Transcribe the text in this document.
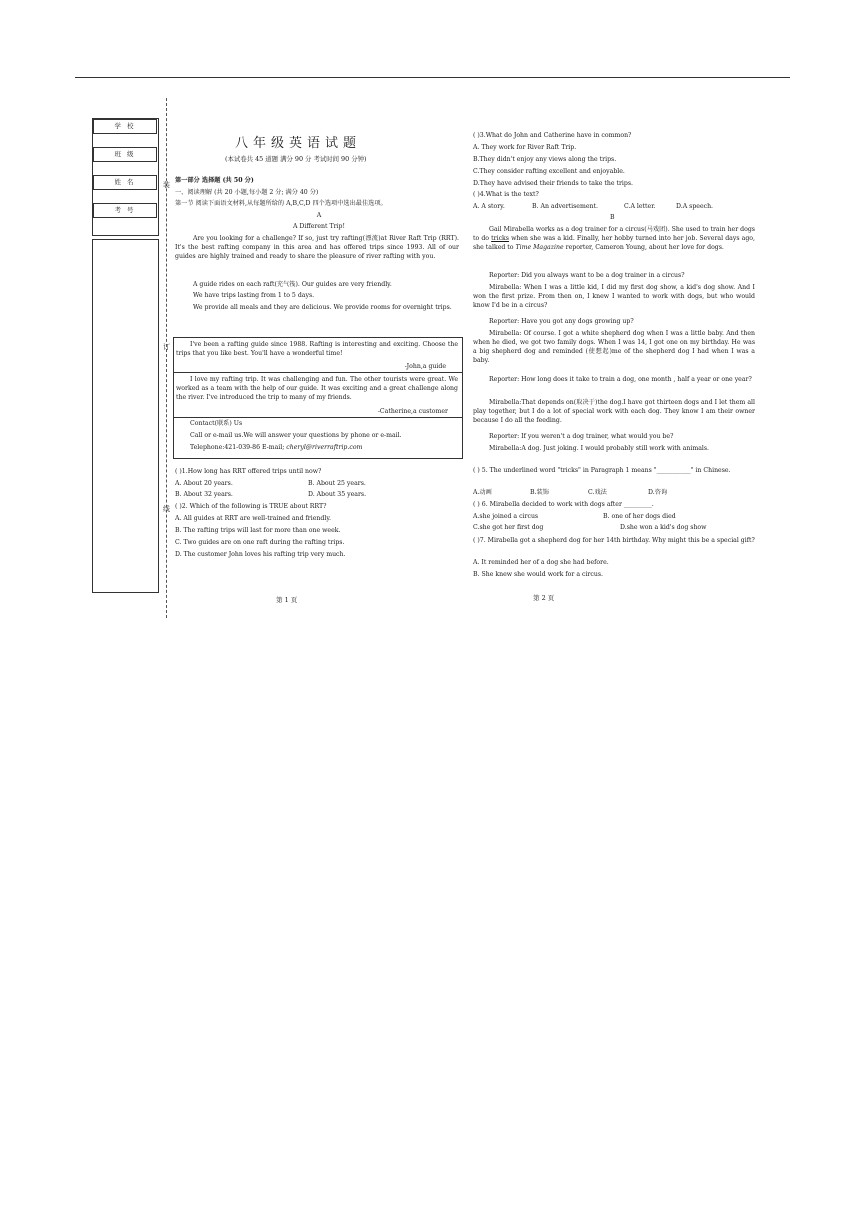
学 校
班 级
姓 名
考 号
装
订
线
八年级英语试题
(本试卷共 45 道题 满分 90 分 考试时间 90 分钟)
第一部分 选择题 (共 50 分)
一、阅读理解 (共 20 小题,每小题 2 分; 满分 40 分)
第一节 阅读下面语文材料,从每题所给的 A,B,C,D 四个选项中选出最佳选项。
A
A Different Trip!
Are you looking for a challenge? If so, just try rafting(漂流)at River Raft Trip (RRT). It's the best rafting company in this area and has offered trips since 1993. All of our guides are highly trained and ready to share the pleasure of river rafting with you.
A guide rides on each raft(充气筏). Our guides are very friendly.
We have trips lasting from 1 to 5 days.
We provide all meals and they are delicious. We provide rooms for overnight trips.
I've been a rafting guide since 1988. Rafting is interesting and exciting. Choose the trips that you like best. You'll have a wonderful time!
-John,a guide
I love my rafting trip. It was challenging and fun. The other tourists were great. We worked as a team with the help of our guide. It was exciting and a great challenge along the river. I've introduced the trip to many of my friends.
-Catherine,a customer
Contact(联系) Us
Call or e-mail us.We will answer your questions by phone or e-mail.
Telephone:421-039-86 E-mail; cheryl@riverraftrip.com
( )1.How long has RRT offered trips until now?
A. About 20 years.	B. About 25 years.
B. About 32 years.	D. About 35 years.
( )2. Which of the following is TRUE about RRT?
A. All guides at RRT are well-trained and friendly.
B. The rafting trips will last for more than one week.
C. Two guides are on one raft during the rafting trips.
D. The customer John loves his rafting trip very much.
第 1 页
( )3.What do John and Catherine have in common?
A. They work for River Raft Trip.
B.They didn't enjoy any views along the trips.
C.They consider rafting excellent and enjoyable.
D.They have advised their friends to take the trips.
( )4.What is the text?
A. A story.	B. An advertisement.	C.A letter.	D.A speech.
B
Gail Mirabella works as a dog trainer for a circus(马戏团). She used to train her dogs to do tricks when she was a kid. Finally, her hobby turned into her job. Several days ago, she talked to Time Magazine reporter, Cameron Young, about her love for dogs.
Reporter: Did you always want to be a dog trainer in a circus?
Mirabella: When I was a little kid, I did my first dog show, a kid's dog show. And I won the first prize. From then on, I knew I wanted to work with dogs, but who would know I'd be in a circus?
Reporter: Have you got any dogs growing up?
Mirabella: Of course. I got a white shepherd dog when I was a little baby. And then when he died, we got two family dogs. When I was 14, I got one on my birthday. He was a big shepherd dog and reminded (使想起)me of the shepherd dog I had when I was a baby.
Reporter: How long does it take to train a dog, one month , half a year or one year?
Mirabella:That depends on(取决于)the dog.I have got thirteen dogs and I let them all play together, but I do a lot of special work with each dog. They know I am their owner because I do all the feeding.
Reporter: If you weren't a dog trainer, what would you be?
Mirabella:A dog. Just joking. I would probably still work with animals.
( ) 5. The underlined word "tricks" in Paragraph 1 means "___________" in Chinese.
A.动画	B.装饰	C.戏法	D.咨询
( ) 6. Mirabella decided to work with dogs after _________.
A.she joined a circus	B. one of her dogs died
C.she got her first dog	D.she won a kid's dog show
( )7. Mirabella got a shepherd dog for her 14th birthday. Why might this be a special gift?
A. It reminded her of a dog she had before.
B. She knew she would work for a circus.
第 2 页
